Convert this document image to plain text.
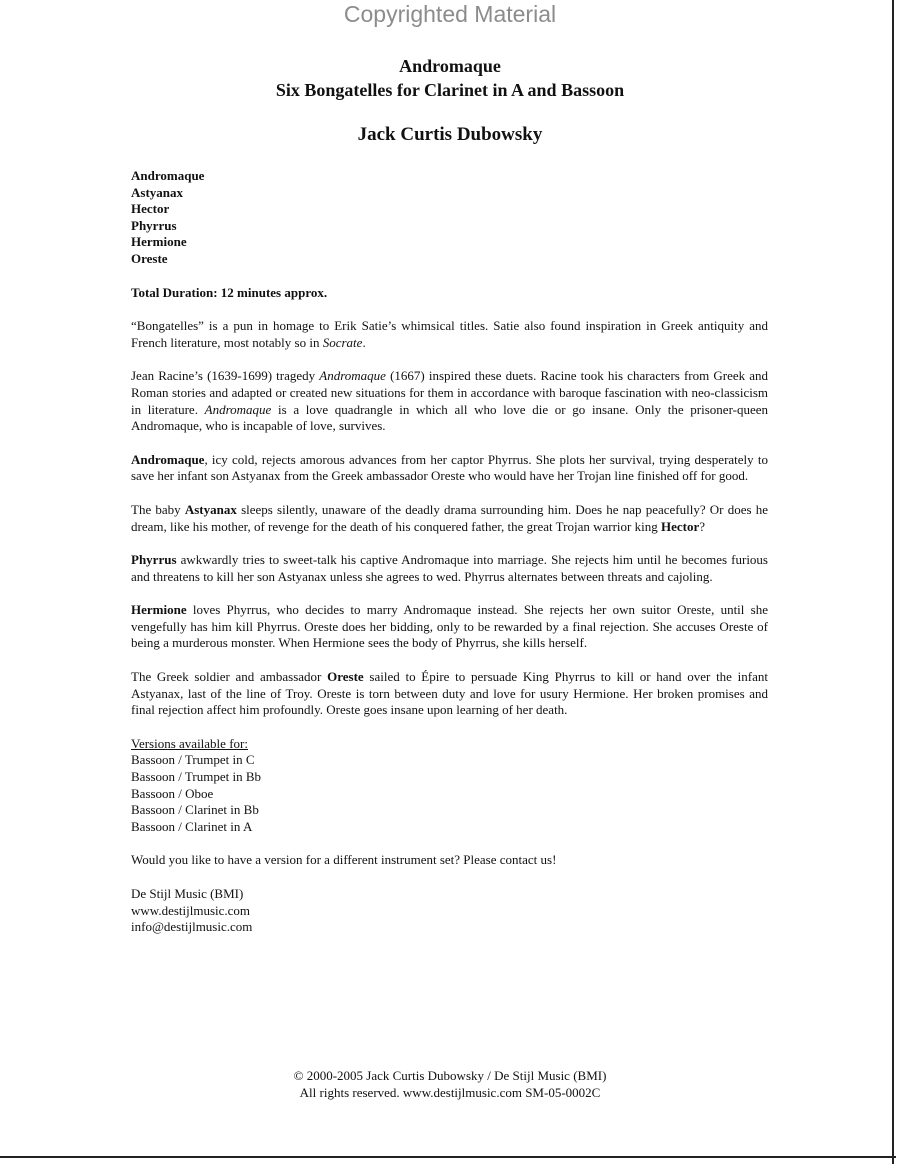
Copyrighted Material
Andromaque
Six Bongatelles for Clarinet in A and Bassoon
Jack Curtis Dubowsky
Andromaque
Astyanax
Hector
Phyrrus
Hermione
Oreste
Total Duration: 12 minutes approx.

“Bongatelles” is a pun in homage to Erik Satie’s whimsical titles. Satie also found inspiration in Greek antiquity and French literature, most notably so in Socrate.

Jean Racine’s (1639-1699) tragedy Andromaque (1667) inspired these duets. Racine took his characters from Greek and Roman stories and adapted or created new situations for them in accordance with baroque fascination with neo-classicism in literature. Andromaque is a love quadrangle in which all who love die or go insane. Only the prisoner-queen Andromaque, who is incapable of love, survives.

Andromaque, icy cold, rejects amorous advances from her captor Phyrrus. She plots her survival, trying desperately to save her infant son Astyanax from the Greek ambassador Oreste who would have her Trojan line finished off for good.

The baby Astyanax sleeps silently, unaware of the deadly drama surrounding him. Does he nap peacefully? Or does he dream, like his mother, of revenge for the death of his conquered father, the great Trojan warrior king Hector?

Phyrrus awkwardly tries to sweet-talk his captive Andromaque into marriage. She rejects him until he becomes furious and threatens to kill her son Astyanax unless she agrees to wed. Phyrrus alternates between threats and cajoling.

Hermione loves Phyrrus, who decides to marry Andromaque instead. She rejects her own suitor Oreste, until she vengefully has him kill Phyrrus. Oreste does her bidding, only to be rewarded by a final rejection. She accuses Oreste of being a murderous monster. When Hermione sees the body of Phyrrus, she kills herself.

The Greek soldier and ambassador Oreste sailed to Épire to persuade King Phyrrus to kill or hand over the infant Astyanax, last of the line of Troy. Oreste is torn between duty and love for usury Hermione. Her broken promises and final rejection affect him profoundly. Oreste goes insane upon learning of her death.

Versions available for:
Bassoon / Trumpet in C
Bassoon / Trumpet in Bb
Bassoon / Oboe
Bassoon / Clarinet in Bb
Bassoon / Clarinet in A
Would you like to have a version for a different instrument set? Please contact us!
De Stijl Music (BMI)
www.destijlmusic.com
info@destijlmusic.com
© 2000-2005 Jack Curtis Dubowsky / De Stijl Music (BMI)
All rights reserved. www.destijlmusic.com SM-05-0002C
